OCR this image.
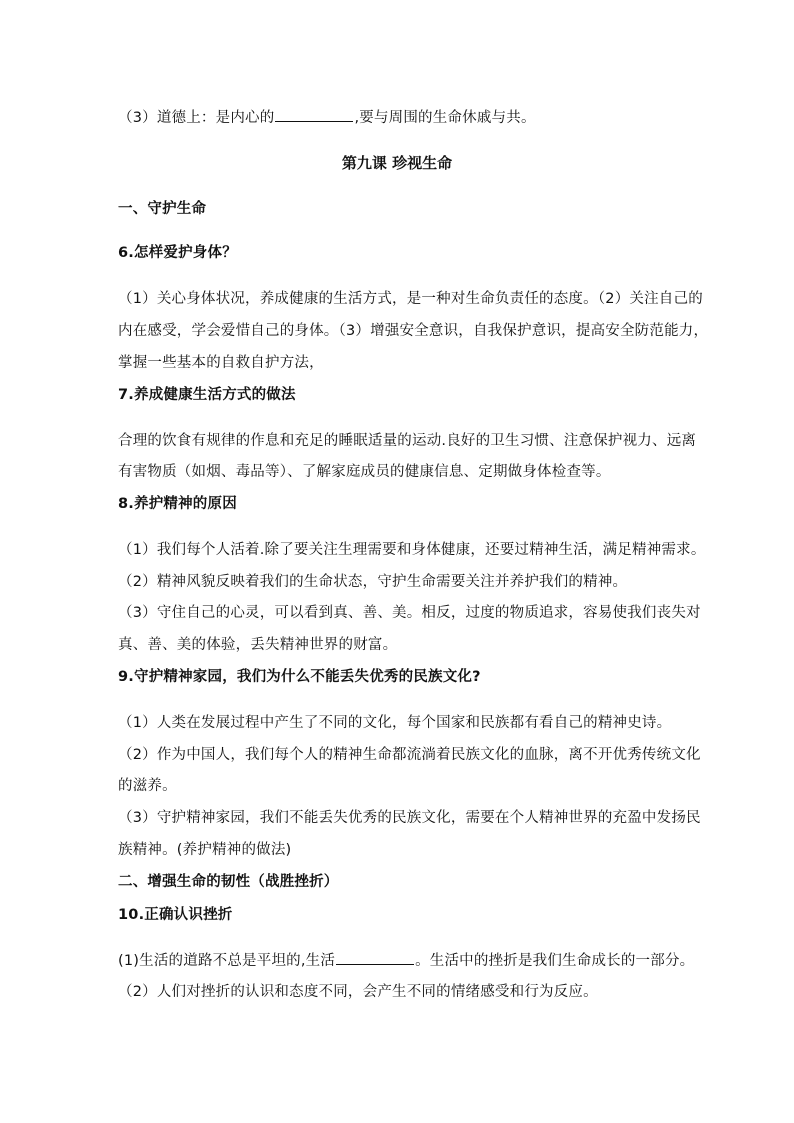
（3）道德上：是内心的	,要与周围的生命休戚与共。
第九课 珍视生命
一、守护生命
6.怎样爱护身体？
（1）关心身体状况，养成健康的生活方式，是一种对生命负责任的态度。（2）关注自己的
内在感受，学会爱惜自己的身体。（3）增强安全意识，自我保护意识，提高安全防范能力，
掌握一些基本的自救自护方法，
7.养成健康生活方式的做法
合理的饮食有规律的作息和充足的睡眠适量的运动.良好的卫生习惯、注意保护视力、远离
有害物质（如烟、毒品等）、了解家庭成员的健康信息、定期做身体检查等。
8.养护精神的原因
（1）我们每个人活着.除了要关注生理需要和身体健康，还要过精神生活，满足精神需求。
（2）精神风貌反映着我们的生命状态，守护生命需要关注并养护我们的精神。
（3）守住自己的心灵，可以看到真、善、美。相反，过度的物质追求，容易使我们丧失对
真、善、美的体验，丢失精神世界的财富。
9.守护精神家园，我们为什么不能丢失优秀的民族文化?
（1）人类在发展过程中产生了不同的文化，每个国家和民族都有看自己的精神史诗。
（2）作为中国人，我们每个人的精神生命都流淌着民族文化的血脉，离不开优秀传统文化
的滋养。
（3）守护精神家园，我们不能丢失优秀的民族文化，需要在个人精神世界的充盈中发扬民
族精神。(养护精神的做法)
二、增强生命的韧性（战胜挫折）
10.正确认识挫折
(1)生活的道路不总是平坦的,生活	。生活中的挫折是我们生命成长的一部分。
（2）人们对挫折的认识和态度不同，会产生不同的情绪感受和行为反应。
